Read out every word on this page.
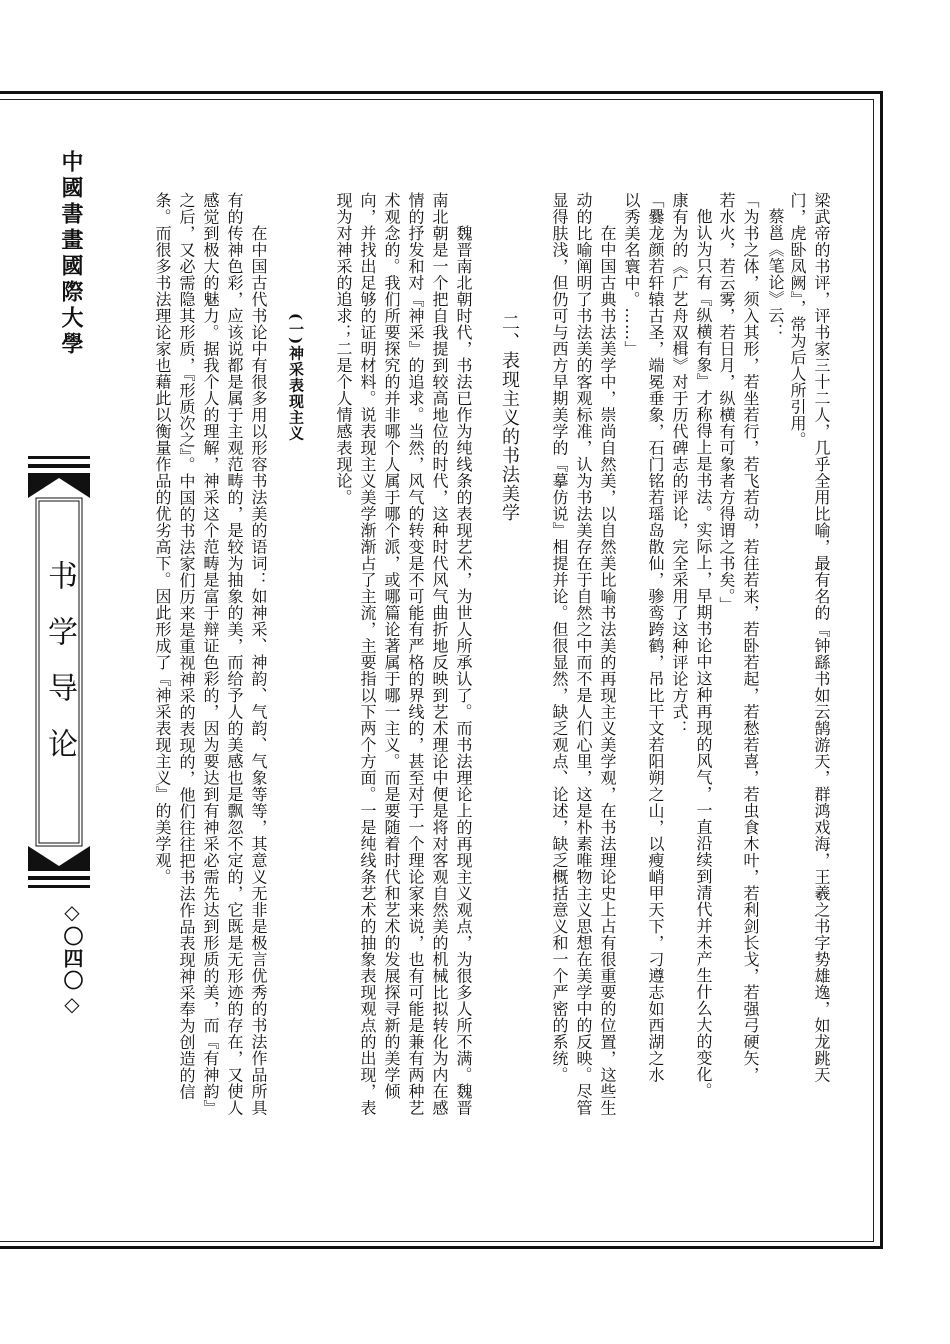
中國書畫國際大學
书学导论
◇〇四〇◇	梁武帝的书评，评书家三十二人，几乎全用比喻，最有名的『钟繇书如云鹄游天，群鸿戏海，王羲之书字势雄逸，如龙跳天
门，虎卧凤阙』，常为后人所引用。
蔡邕《笔论》云：
「为书之体，须入其形，若坐若行，若飞若动，若往若来，若卧若起，若愁若喜，若虫食木叶，若利剑长戈，若强弓硬矢，
若水火，若云雾，若日月，纵横有可象者方得谓之书矣。」
他认为只有『纵横有象』才称得上是书法。实际上，早期书论中这种再现的风气，一直沿续到清代并未产生什么大的变化。
康有为的《广艺舟双楫》对于历代碑志的评论，完全采用了这种评论方式：
「爨龙颜若轩辕古圣，端冕垂象，石门铭若瑶岛散仙，骖鸾跨鹤，吊比干文若阳朔之山，以瘦峭甲天下，刁遵志如西湖之水
以秀美名寰中。……」
在中国古典书法美学中，崇尚自然美，以自然美比喻书法美的再现主义美学观，在书法理论史上占有很重要的位置，这些生
动的比喻阐明了书法美的客观标准，认为书法美存在于自然之中而不是人们心里，这是朴素唯物主义思想在美学中的反映。尽管
显得肤浅，但仍可与西方早期美学的『摹仿说』相提并论。但很显然，缺乏观点、论述，缺乏概括意义和一个严密的系统。
二、表现主义的书法美学
魏晋南北朝时代，书法已作为纯线条的表现艺术，为世人所承认了。而书法理论上的再现主义观点，为很多人所不满。魏晋
南北朝是一个把自我提到较高地位的时代，这种时代风气曲折地反映到艺术理论中便是将对客观自然美的机械比拟转化为内在感
情的抒发和对『神采』的追求。当然，风气的转变是不可能有严格的界线的，甚至对于一个理论家来说，也有可能是兼有两种艺
术观念的。我们所要探究的并非哪个人属于哪个派，或哪篇论著属于哪一主义。而是要随着时代和艺术的发展探寻新的美学倾
向，并找出足够的证明材料。说表现主义美学渐渐占了主流，主要指以下两个方面。一是纯线条艺术的抽象表现观点的出现，表
现为对神采的追求；二是个人情感表现论。
(一)神采表现主义
在中国古代书论中有很多用以形容书法美的语词：如神采、神韵、气韵、气象等等，其意义无非是极言优秀的书法作品所具
有的传神色彩，应该说都是属于主观范畴的，是较为抽象的美，而给予人的美感也是飘忽不定的，它既是无形迹的存在，又使人
感觉到极大的魅力。据我个人的理解，神采这个范畴是富于辩证色彩的，因为要达到有神采必需先达到形质的美，而『有神韵』
之后，又必需隐其形质，『形质次之』。中国的书法家们历来是重视神采的表现的，他们往往把书法作品表现神采奉为创造的信
条。而很多书法理论家也藉此以衡量作品的优劣高下。因此形成了『神采表现主义』的美学观。
